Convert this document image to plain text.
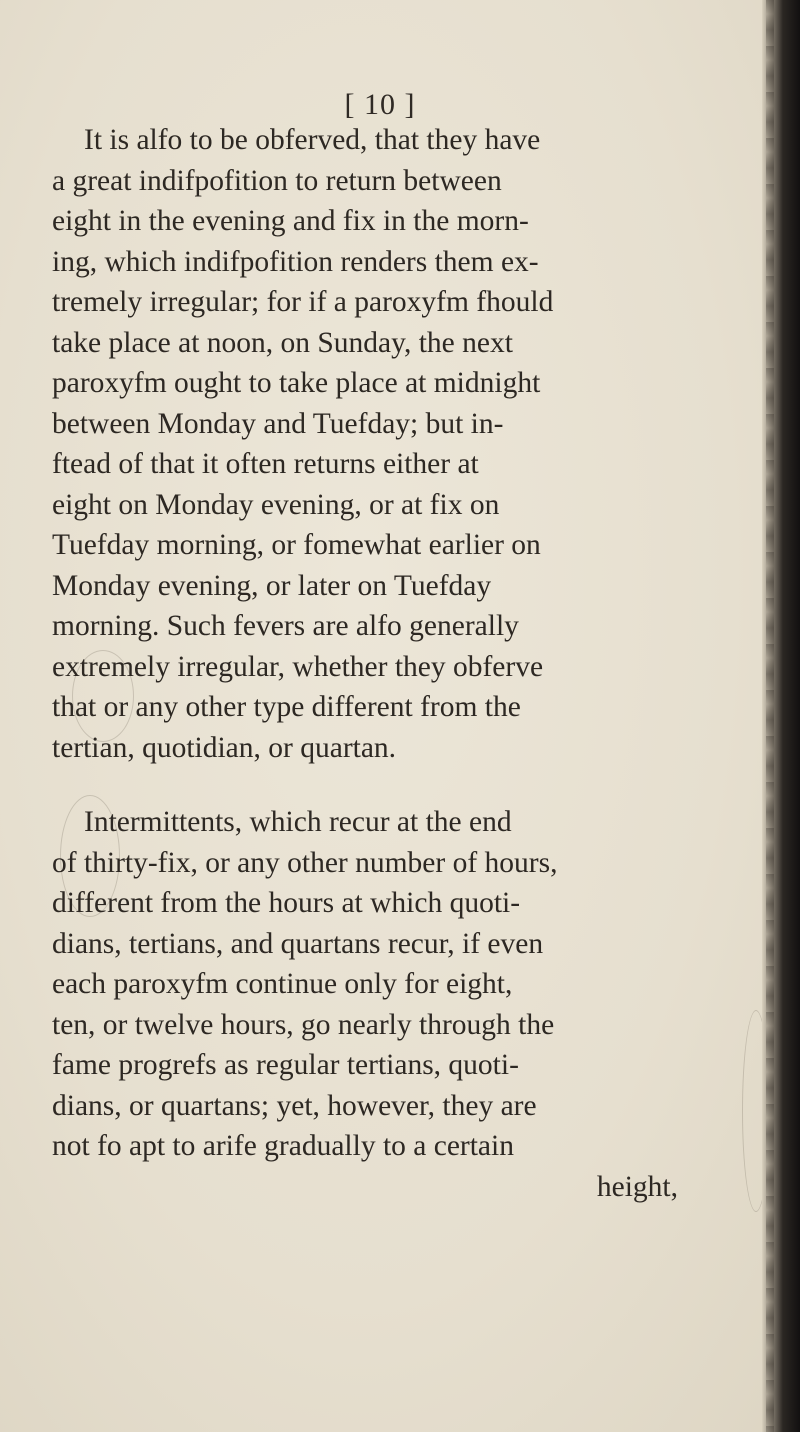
[ 10 ]
It is alfo to be obferved, that they have
a great indifpofition to return between
eight in the evening and fix in the morn-
ing, which indifpofition renders them ex-
tremely irregular; for if a paroxyfm fhould
take place at noon, on Sunday, the next
paroxyfm ought to take place at midnight
between Monday and Tuefday; but in-
ftead of that it often returns either at
eight on Monday evening, or at fix on
Tuefday morning, or fomewhat earlier on
Monday evening, or later on Tuefday
morning. Such fevers are alfo generally
extremely irregular, whether they obferve
that or any other type different from the
tertian, quotidian, or quartan.
Intermittents, which recur at the end
of thirty-fix, or any other number of hours,
different from the hours at which quoti-
dians, tertians, and quartans recur, if even
each paroxyfm continue only for eight,
ten, or twelve hours, go nearly through the
fame progrefs as regular tertians, quoti-
dians, or quartans; yet, however, they are
not fo apt to arife gradually to a certain
height,
